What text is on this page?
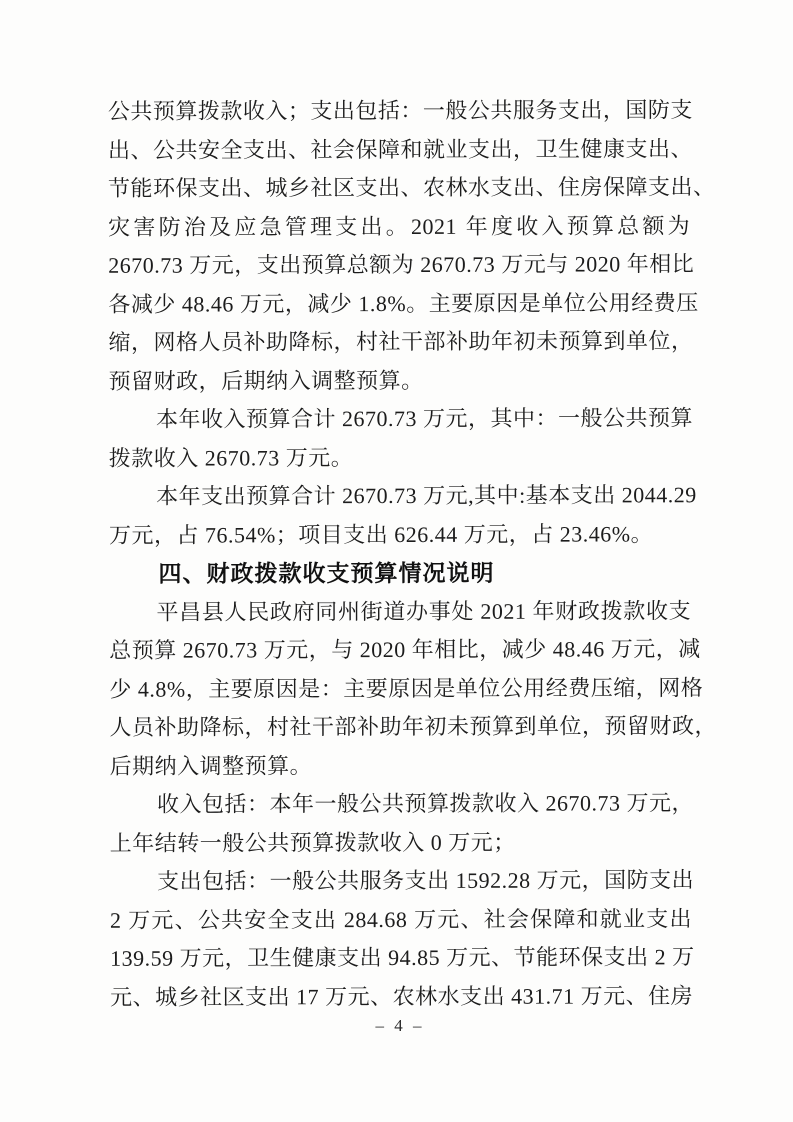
公共预算拨款收入；支出包括：一般公共服务支出，国防支
出、公共安全支出、社会保障和就业支出，卫生健康支出、
节能环保支出、城乡社区支出、农林水支出、住房保障支出、
灾害防治及应急管理支出。2021 年度收入预算总额为
2670.73 万元，支出预算总额为 2670.73 万元与 2020 年相比
各减少 48.46 万元，减少 1.8%。主要原因是单位公用经费压
缩，网格人员补助降标，村社干部补助年初未预算到单位，
预留财政，后期纳入调整预算。
本年收入预算合计 2670.73 万元，其中：一般公共预算
拨款收入 2670.73 万元。
本年支出预算合计 2670.73 万元,其中:基本支出 2044.29
万元，占 76.54%；项目支出 626.44 万元，占 23.46%。
四、财政拨款收支预算情况说明
平昌县人民政府同州街道办事处 2021 年财政拨款收支
总预算 2670.73 万元，与 2020 年相比，减少 48.46 万元，减
少 4.8%，主要原因是：主要原因是单位公用经费压缩，网格
人员补助降标，村社干部补助年初未预算到单位，预留财政，
后期纳入调整预算。
收入包括：本年一般公共预算拨款收入 2670.73 万元，
上年结转一般公共预算拨款收入 0 万元；
支出包括：一般公共服务支出 1592.28 万元，国防支出
2 万元、公共安全支出 284.68 万元、社会保障和就业支出
139.59 万元，卫生健康支出 94.85 万元、节能环保支出 2 万
元、城乡社区支出 17 万元、农林水支出 431.71 万元、住房
– 4 –
